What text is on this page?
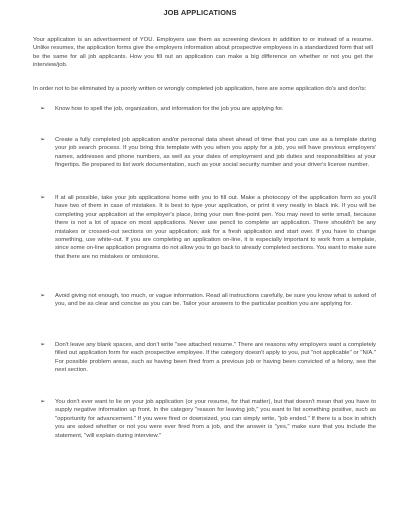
JOB APPLICATIONS

Your application is an advertisement of YOU. Employers use them as screening devices in addition to or instead of a resume. Unlike resumes, the application forms give the employers information about prospective employees in a standardized form that will be the same for all job applicants. How you fill out an application can make a big difference on whether or not you get the interview/job.

In order not to be eliminated by a poorly written or wrongly completed job application, here are some application do's and don'ts:

➢ Know how to spell the job, organization, and information for the job you are applying for.

➢ Create a fully completed job application and/or personal data sheet ahead of time that you can use as a template during your job search process. If you bring this template with you when you apply for a job, you will have previous employers' names, addresses and phone numbers, as well as your dates of employment and job duties and responsibilities at your fingertips. Be prepared to list work documentation, such as your social security number and your driver's license number.

➢ If at all possible, take your job applications home with you to fill out. Make a photocopy of the application form so you'll have two of them in case of mistakes. It is best to type your application, or print it very neatly in black ink. If you will be completing your application at the employer's place, bring your own fine-point pen. You may need to write small, because there is not a lot of space on most applications. Never use pencil to complete an application. There shouldn't be any mistakes or crossed-out sections on your application; ask for a fresh application and start over. If you have to change something, use white-out. If you are completing an application on-line, it is especially important to work from a template, since some on-line application programs do not allow you to go back to already completed sections. You want to make sure that there are no mistakes or omissions.

➢ Avoid giving not enough, too much, or vague information. Read all instructions carefully, be sure you know what is asked of you, and be as clear and concise as you can be. Tailor your answers to the particular position you are applying for.

➢ Don't leave any blank spaces, and don't write "see attached resume." There are reasons why employers want a completely filled out application form for each prospective employee. If the category doesn't apply to you, put "not applicable" or "N/A." For possible problem areas, such as having been fired from a previous job or having been convicted of a felony, see the next section.

➢ You don't ever want to lie on your job application (or your resume, for that matter), but that doesn't mean that you have to supply negative information up front. In the category "reason for leaving job," you want to list something positive, such as "opportunity for advancement." If you were fired or downsized, you can simply write, "job ended." If there is a box in which you are asked whether or not you were ever fired from a job, and the answer is "yes," make sure that you include the statement, "will explain during interview."
